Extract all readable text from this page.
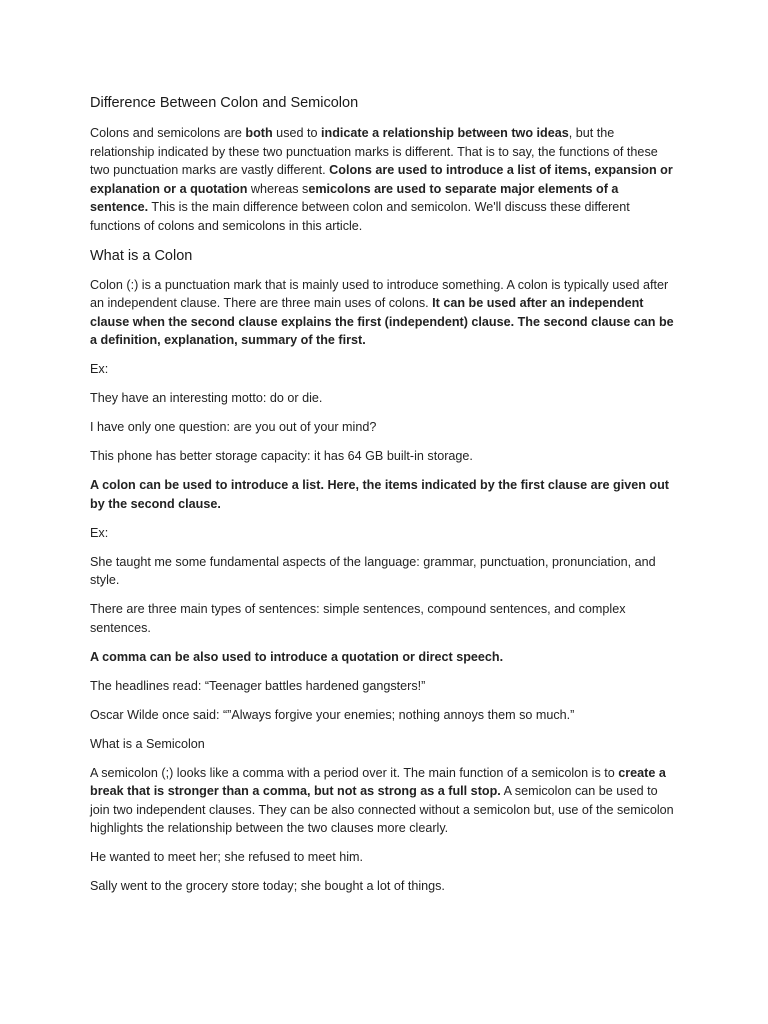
Difference Between Colon and Semicolon

Colons and semicolons are both used to indicate a relationship between two ideas, but the relationship indicated by these two punctuation marks is different. That is to say, the functions of these two punctuation marks are vastly different. Colons are used to introduce a list of items, expansion or explanation or a quotation whereas semicolons are used to separate major elements of a sentence. This is the main difference between colon and semicolon. We'll discuss these different functions of colons and semicolons in this article.

What is a Colon

Colon (:) is a punctuation mark that is mainly used to introduce something. A colon is typically used after an independent clause. There are three main uses of colons. It can be used after an independent clause when the second clause explains the first (independent) clause. The second clause can be a definition, explanation, summary of the first.

Ex:

They have an interesting motto: do or die.

I have only one question: are you out of your mind?

This phone has better storage capacity: it has 64 GB built-in storage.

A colon can be used to introduce a list. Here, the items indicated by the first clause are given out by the second clause.

Ex:

She taught me some fundamental aspects of the language: grammar, punctuation, pronunciation, and style.

There are three main types of sentences: simple sentences, compound sentences, and complex sentences.

A comma can be also used to introduce a quotation or direct speech.

The headlines read: “Teenager battles hardened gangsters!”

Oscar Wilde once said: “”Always forgive your enemies; nothing annoys them so much.”

What is a Semicolon

A semicolon (;) looks like a comma with a period over it. The main function of a semicolon is to create a break that is stronger than a comma, but not as strong as a full stop. A semicolon can be used to join two independent clauses. They can be also connected without a semicolon but, use of the semicolon highlights the relationship between the two clauses more clearly.

He wanted to meet her; she refused to meet him.

Sally went to the grocery store today; she bought a lot of things.
